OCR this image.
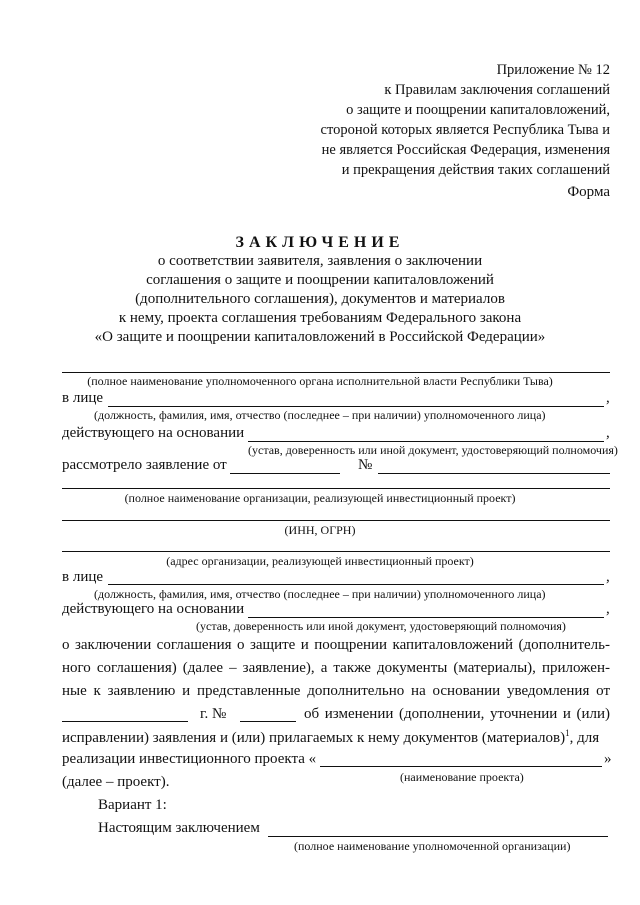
Приложение № 12
к Правилам заключения соглашений
о защите и поощрении капиталовложений,
стороной которых является Республика Тыва и
не является Российская Федерация, изменения
и прекращения действия таких соглашений
Форма
ЗАКЛЮЧЕНИЕ
о соответствии заявителя, заявления о заключении
соглашения о защите и поощрении капиталовложений
(дополнительного соглашения), документов и материалов
к нему, проекта соглашения требованиям Федерального закона
«О защите и поощрении капиталовложений в Российской Федерации»
(полное наименование уполномоченного органа исполнительной власти Республики Тыва)
в лице	,
(должность, фамилия, имя, отчество (последнее – при наличии) уполномоченного лица)
действующего на основании	,
(устав, доверенность или иной документ, удостоверяющий полномочия)
рассмотрело заявление от	№
(полное наименование организации, реализующей инвестиционный проект)
(ИНН, ОГРН)
(адрес организации, реализующей инвестиционный проект)
в лице	,
(должность, фамилия, имя, отчество (последнее – при наличии) уполномоченного лица)
действующего на основании	,
(устав, доверенность или иной документ, удостоверяющий полномочия)
о заключении соглашения о защите и поощрении капиталовложений (дополнитель-
ного соглашения) (далее – заявление), а также документы (материалы), приложен-
ные к заявлению и представленные дополнительно на основании уведомления от
г. №	об изменении (дополнении, уточнении и (или)
исправлении) заявления и (или) прилагаемых к нему документов (материалов)$^1$, для
реализации инвестиционного проекта «	»
(наименование проекта)
(далее – проект).
Вариант 1:
Настоящим заключением
(полное наименование уполномоченной организации)
